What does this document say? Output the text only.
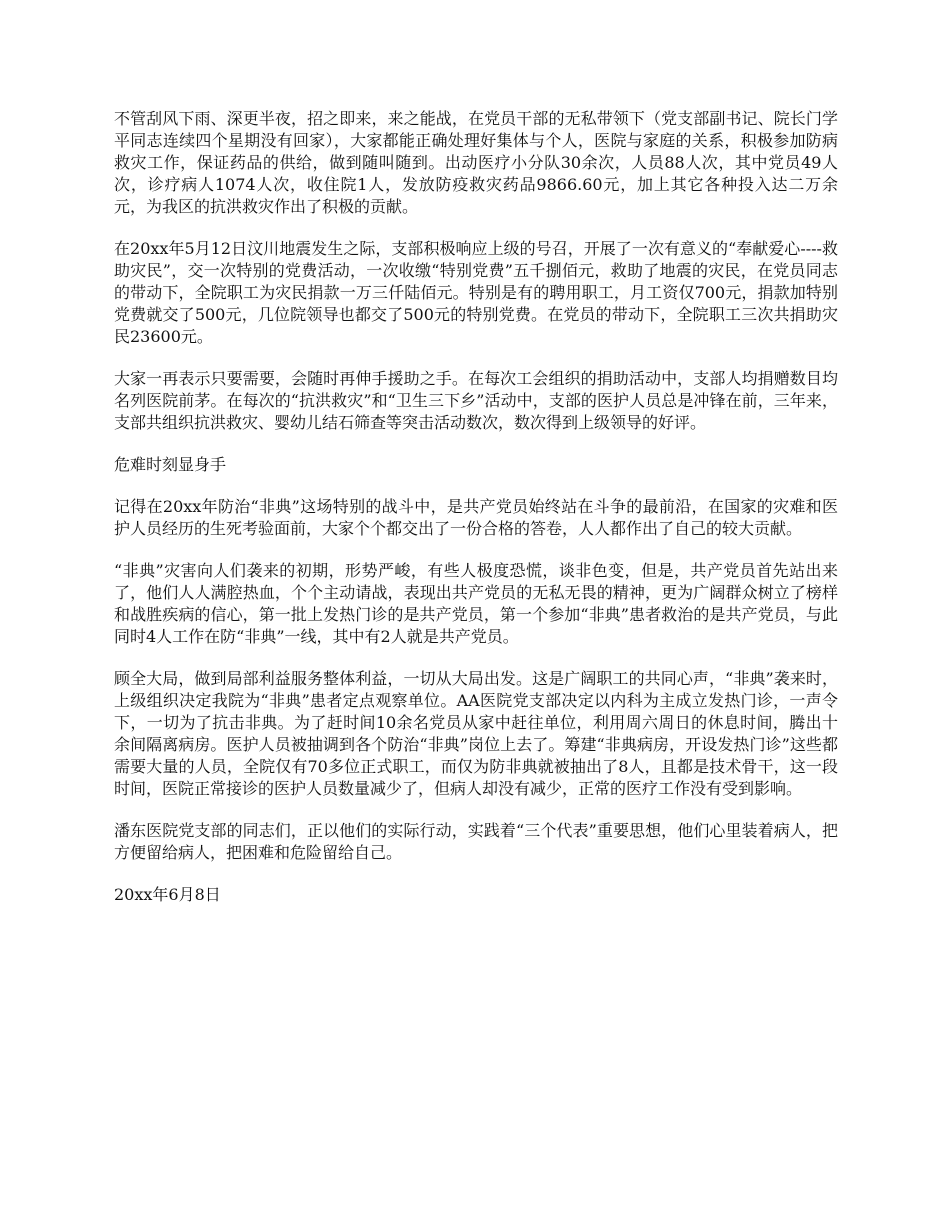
不管刮风下雨、深更半夜，招之即来，来之能战，在党员干部的无私带领下（党支部副书记、院长门学平同志连续四个星期没有回家），大家都能正确处理好集体与个人，医院与家庭的关系，积极参加防病救灾工作，保证药品的供给，做到随叫随到。出动医疗小分队30余次，人员88人次，其中党员49人次，诊疗病人1074人次，收住院1人，发放防疫救灾药品9866.60元，加上其它各种投入达二万余元，为我区的抗洪救灾作出了积极的贡献。

在20xx年5月12日汶川地震发生之际，支部积极响应上级的号召，开展了一次有意义的“奉献爱心----救助灾民”，交一次特别的党费活动，一次收缴“特别党费”五千捌佰元，救助了地震的灾民，在党员同志的带动下，全院职工为灾民捐款一万三仟陆佰元。特别是有的聘用职工，月工资仅700元，捐款加特别党费就交了500元，几位院领导也都交了500元的特别党费。在党员的带动下，全院职工三次共捐助灾民23600元。

大家一再表示只要需要，会随时再伸手援助之手。在每次工会组织的捐助活动中，支部人均捐赠数目均名列医院前茅。在每次的“抗洪救灾”和“卫生三下乡”活动中，支部的医护人员总是冲锋在前，三年来，支部共组织抗洪救灾、婴幼儿结石筛查等突击活动数次，数次得到上级领导的好评。

危难时刻显身手

记得在20xx年防治“非典”这场特别的战斗中，是共产党员始终站在斗争的最前沿，在国家的灾难和医护人员经历的生死考验面前，大家个个都交出了一份合格的答卷，人人都作出了自己的较大贡献。

“非典”灾害向人们袭来的初期，形势严峻，有些人极度恐慌，谈非色变，但是，共产党员首先站出来了，他们人人满腔热血，个个主动请战，表现出共产党员的无私无畏的精神，更为广阔群众树立了榜样和战胜疾病的信心，第一批上发热门诊的是共产党员，第一个参加“非典”患者救治的是共产党员，与此同时4人工作在防“非典”一线，其中有2人就是共产党员。

顾全大局，做到局部利益服务整体利益，一切从大局出发。这是广阔职工的共同心声，“非典”袭来时，上级组织决定我院为“非典”患者定点观察单位。AA医院党支部决定以内科为主成立发热门诊，一声令下，一切为了抗击非典。为了赶时间10余名党员从家中赶往单位，利用周六周日的休息时间，腾出十余间隔离病房。医护人员被抽调到各个防治“非典”岗位上去了。筹建“非典病房，开设发热门诊”这些都需要大量的人员，全院仅有70多位正式职工，而仅为防非典就被抽出了8人，且都是技术骨干，这一段时间，医院正常接诊的医护人员数量减少了，但病人却没有减少，正常的医疗工作没有受到影响。

潘东医院党支部的同志们，正以他们的实际行动，实践着“三个代表”重要思想，他们心里装着病人，把方便留给病人，把困难和危险留给自己。

20xx年6月8日
